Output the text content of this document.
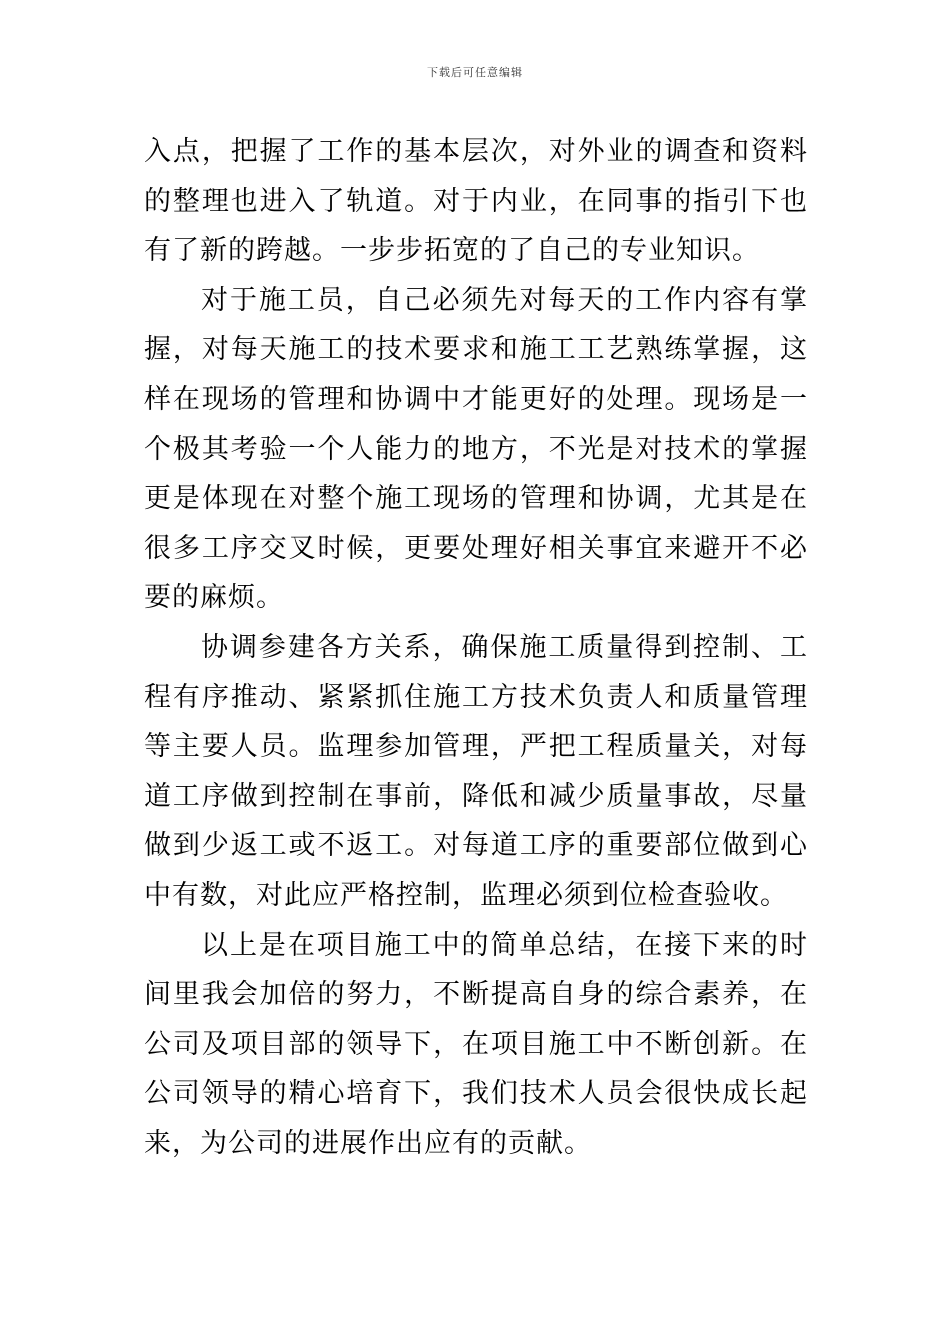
下载后可任意编辑

入点，把握了工作的基本层次，对外业的调查和资料的整理也进入了轨道。对于内业，在同事的指引下也有了新的跨越。一步步拓宽的了自己的专业知识。

对于施工员，自己必须先对每天的工作内容有掌握，对每天施工的技术要求和施工工艺熟练掌握，这样在现场的管理和协调中才能更好的处理。现场是一个极其考验一个人能力的地方，不光是对技术的掌握更是体现在对整个施工现场的管理和协调，尤其是在很多工序交叉时候，更要处理好相关事宜来避开不必要的麻烦。

协调参建各方关系，确保施工质量得到控制、工程有序推动、紧紧抓住施工方技术负责人和质量管理等主要人员。监理参加管理，严把工程质量关，对每道工序做到控制在事前，降低和减少质量事故，尽量做到少返工或不返工。对每道工序的重要部位做到心中有数，对此应严格控制，监理必须到位检查验收。

以上是在项目施工中的简单总结，在接下来的时间里我会加倍的努力，不断提高自身的综合素养，在公司及项目部的领导下，在项目施工中不断创新。在公司领导的精心培育下，我们技术人员会很快成长起来，为公司的进展作出应有的贡献。
